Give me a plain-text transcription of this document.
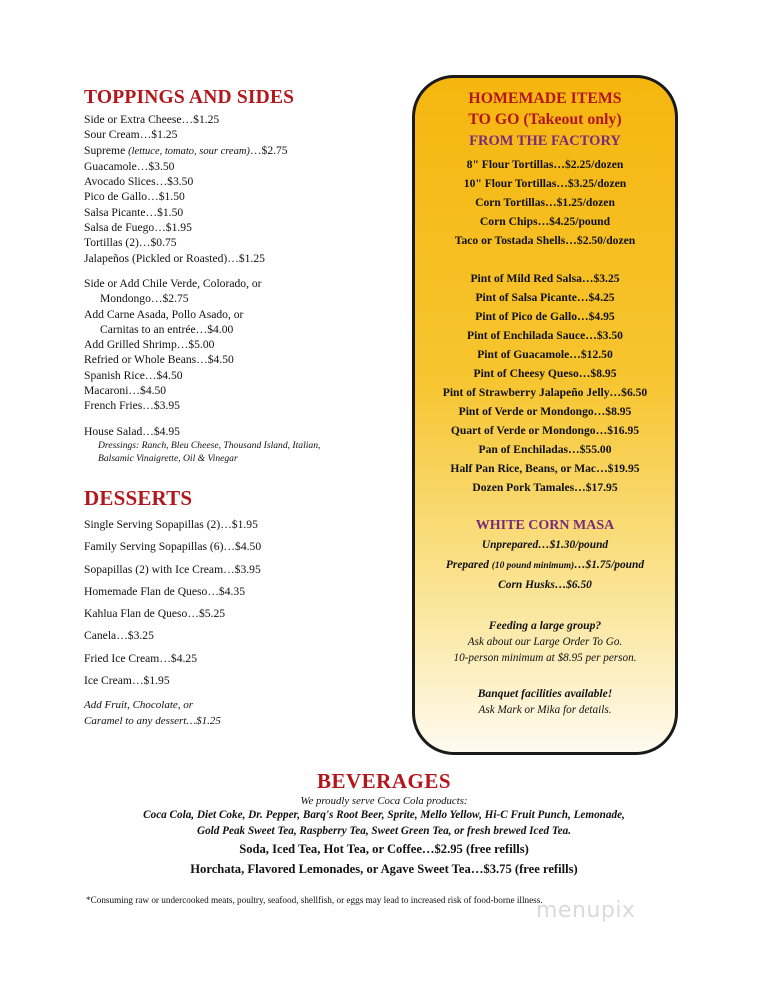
TOPPINGS AND SIDES
Side or Extra Cheese…$1.25
Sour Cream…$1.25
Supreme (lettuce, tomato, sour cream)…$2.75
Guacamole…$3.50
Avocado Slices…$3.50
Pico de Gallo…$1.50
Salsa Picante…$1.50
Salsa de Fuego…$1.95
Tortillas (2)…$0.75
Jalapeños (Pickled or Roasted)…$1.25
Side or Add Chile Verde, Colorado, or
Mondongo…$2.75
Add Carne Asada, Pollo Asado, or
Carnitas to an entrée…$4.00
Add Grilled Shrimp…$5.00
Refried or Whole Beans…$4.50
Spanish Rice…$4.50
Macaroni…$4.50
French Fries…$3.95
House Salad…$4.95
Dressings: Ranch, Bleu Cheese, Thousand Island, Italian,
Balsamic Vinaigrette, Oil & Vinegar
DESSERTS
Single Serving Sopapillas (2)…$1.95
Family Serving Sopapillas (6)…$4.50
Sopapillas (2) with Ice Cream…$3.95
Homemade Flan de Queso…$4.35
Kahlua Flan de Queso…$5.25
Canela…$3.25
Fried Ice Cream…$4.25
Ice Cream…$1.95
Add Fruit, Chocolate, or
Caramel to any dessert…$1.25
HOMEMADE ITEMS
TO GO (Takeout only)
FROM THE FACTORY
8" Flour Tortillas…$2.25/dozen
10" Flour Tortillas…$3.25/dozen
Corn Tortillas…$1.25/dozen
Corn Chips…$4.25/pound
Taco or Tostada Shells…$2.50/dozen
Pint of Mild Red Salsa…$3.25
Pint of Salsa Picante…$4.25
Pint of Pico de Gallo…$4.95
Pint of Enchilada Sauce…$3.50
Pint of Guacamole…$12.50
Pint of Cheesy Queso…$8.95
Pint of Strawberry Jalapeño Jelly…$6.50
Pint of Verde or Mondongo…$8.95
Quart of Verde or Mondongo…$16.95
Pan of Enchiladas…$55.00
Half Pan Rice, Beans, or Mac…$19.95
Dozen Pork Tamales…$17.95
WHITE CORN MASA
Unprepared…$1.30/pound
Prepared (10 pound minimum)…$1.75/pound
Corn Husks…$6.50
Feeding a large group?
Ask about our Large Order To Go.
10-person minimum at $8.95 per person.
Banquet facilities available!
Ask Mark or Mika for details.
BEVERAGES
We proudly serve Coca Cola products:
Coca Cola, Diet Coke, Dr. Pepper, Barq's Root Beer, Sprite, Mello Yellow, Hi-C Fruit Punch, Lemonade,
Gold Peak Sweet Tea, Raspberry Tea, Sweet Green Tea, or fresh brewed Iced Tea.
Soda, Iced Tea, Hot Tea, or Coffee…$2.95 (free refills)
Horchata, Flavored Lemonades, or Agave Sweet Tea…$3.75 (free refills)
*Consuming raw or undercooked meats, poultry, seafood, shellfish, or eggs may lead to increased risk of food-borne illness.
menupix
